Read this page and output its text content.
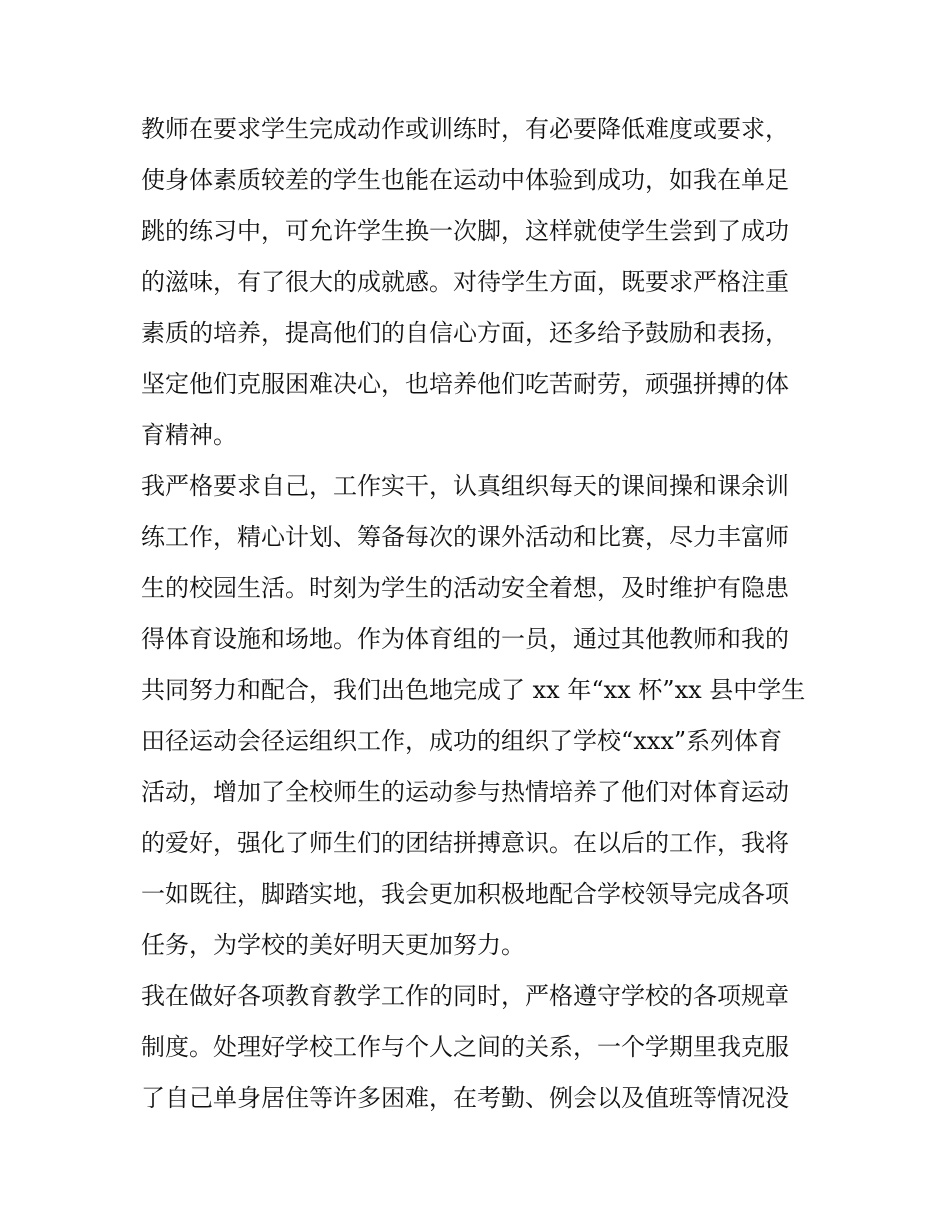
教师在要求学生完成动作或训练时，有必要降低难度或要求，
使身体素质较差的学生也能在运动中体验到成功，如我在单足
跳的练习中，可允许学生换一次脚，这样就使学生尝到了成功
的滋味，有了很大的成就感。对待学生方面，既要求严格注重
素质的培养，提高他们的自信心方面，还多给予鼓励和表扬，
坚定他们克服困难决心，也培养他们吃苦耐劳，顽强拼搏的体
育精神。
我严格要求自己，工作实干，认真组织每天的课间操和课余训
练工作，精心计划、筹备每次的课外活动和比赛，尽力丰富师
生的校园生活。时刻为学生的活动安全着想，及时维护有隐患
得体育设施和场地。作为体育组的一员，通过其他教师和我的
共同努力和配合，我们出色地完成了 xx 年“xx 杯”xx 县中学生
田径运动会径运组织工作，成功的组织了学校“xxx”系列体育
活动，增加了全校师生的运动参与热情培养了他们对体育运动
的爱好，强化了师生们的团结拼搏意识。在以后的工作，我将
一如既往，脚踏实地，我会更加积极地配合学校领导完成各项
任务，为学校的美好明天更加努力。
我在做好各项教育教学工作的同时，严格遵守学校的各项规章
制度。处理好学校工作与个人之间的关系，一个学期里我克服
了自己单身居住等许多困难，在考勤、例会以及值班等情况没
